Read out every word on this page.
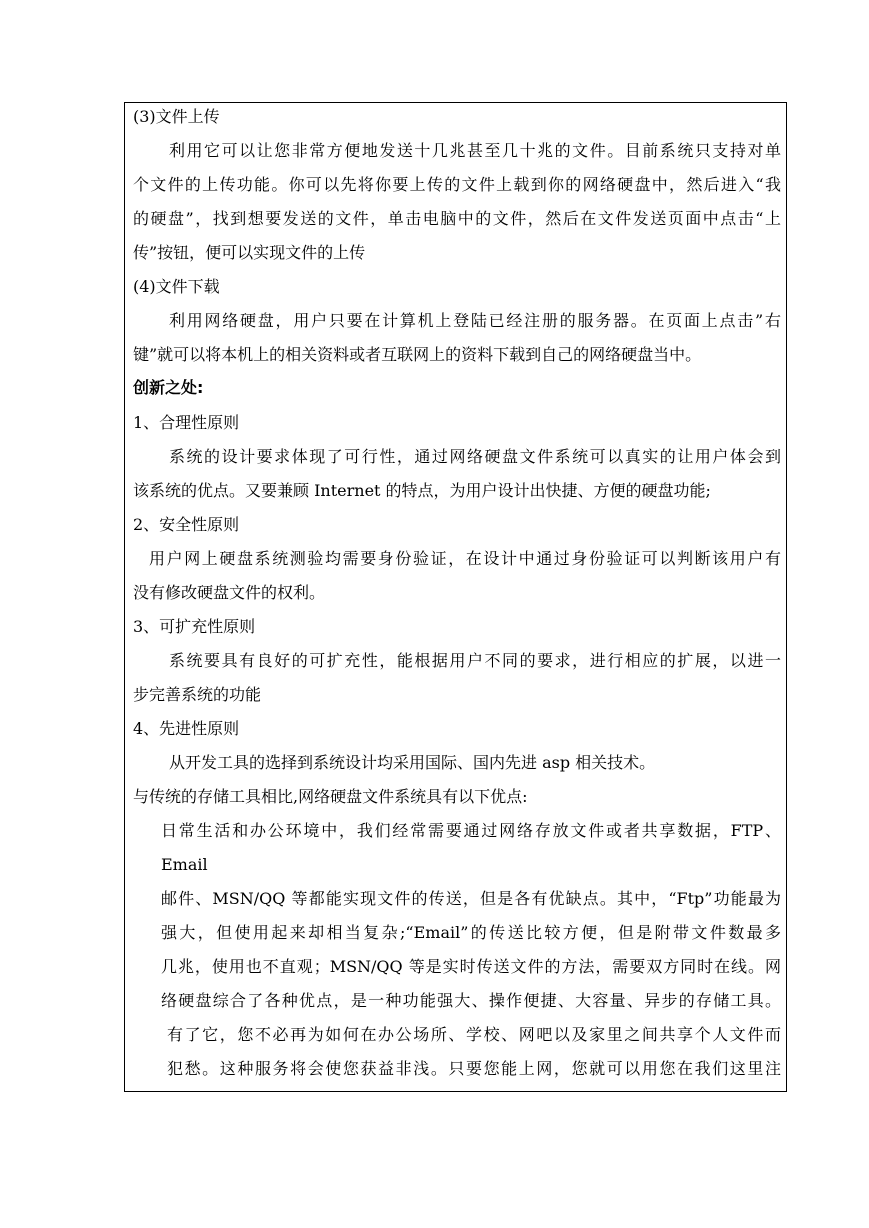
(3)文件上传
利用它可以让您非常方便地发送十几兆甚至几十兆的文件。目前系统只支持对单
个文件的上传功能。你可以先将你要上传的文件上载到你的网络硬盘中，然后进入“我
的硬盘”，找到想要发送的文件，单击电脑中的文件，然后在文件发送页面中点击“上
传”按钮，便可以实现文件的上传
(4)文件下载
利用网络硬盘，用户只要在计算机上登陆已经注册的服务器。在页面上点击”右
键”就可以将本机上的相关资料或者互联网上的资料下载到自己的网络硬盘当中。
创新之处:
1、合理性原则
系统的设计要求体现了可行性，通过网络硬盘文件系统可以真实的让用户体会到
该系统的优点。又要兼顾 Internet 的特点，为用户设计出快捷、方便的硬盘功能;
2、安全性原则
用户网上硬盘系统测验均需要身份验证，在设计中通过身份验证可以判断该用户有
没有修改硬盘文件的权利。
3、可扩充性原则
系统要具有良好的可扩充性，能根据用户不同的要求，进行相应的扩展，以进一
步完善系统的功能
4、先进性原则
从开发工具的选择到系统设计均采用国际、国内先进 asp 相关技术。
与传统的存储工具相比,网络硬盘文件系统具有以下优点:
日常生活和办公环境中，我们经常需要通过网络存放文件或者共享数据，FTP、
Email
邮件、MSN/QQ 等都能实现文件的传送，但是各有优缺点。其中，“Ftp”功能最为
强大，但使用起来却相当复杂;“Email”的传送比较方便，但是附带文件数最多
几兆，使用也不直观；MSN/QQ 等是实时传送文件的方法，需要双方同时在线。网
络硬盘综合了各种优点，是一种功能强大、操作便捷、大容量、异步的存储工具。
有了它，您不必再为如何在办公场所、学校、网吧以及家里之间共享个人文件而
犯愁。这种服务将会使您获益非浅。只要您能上网，您就可以用您在我们这里注
